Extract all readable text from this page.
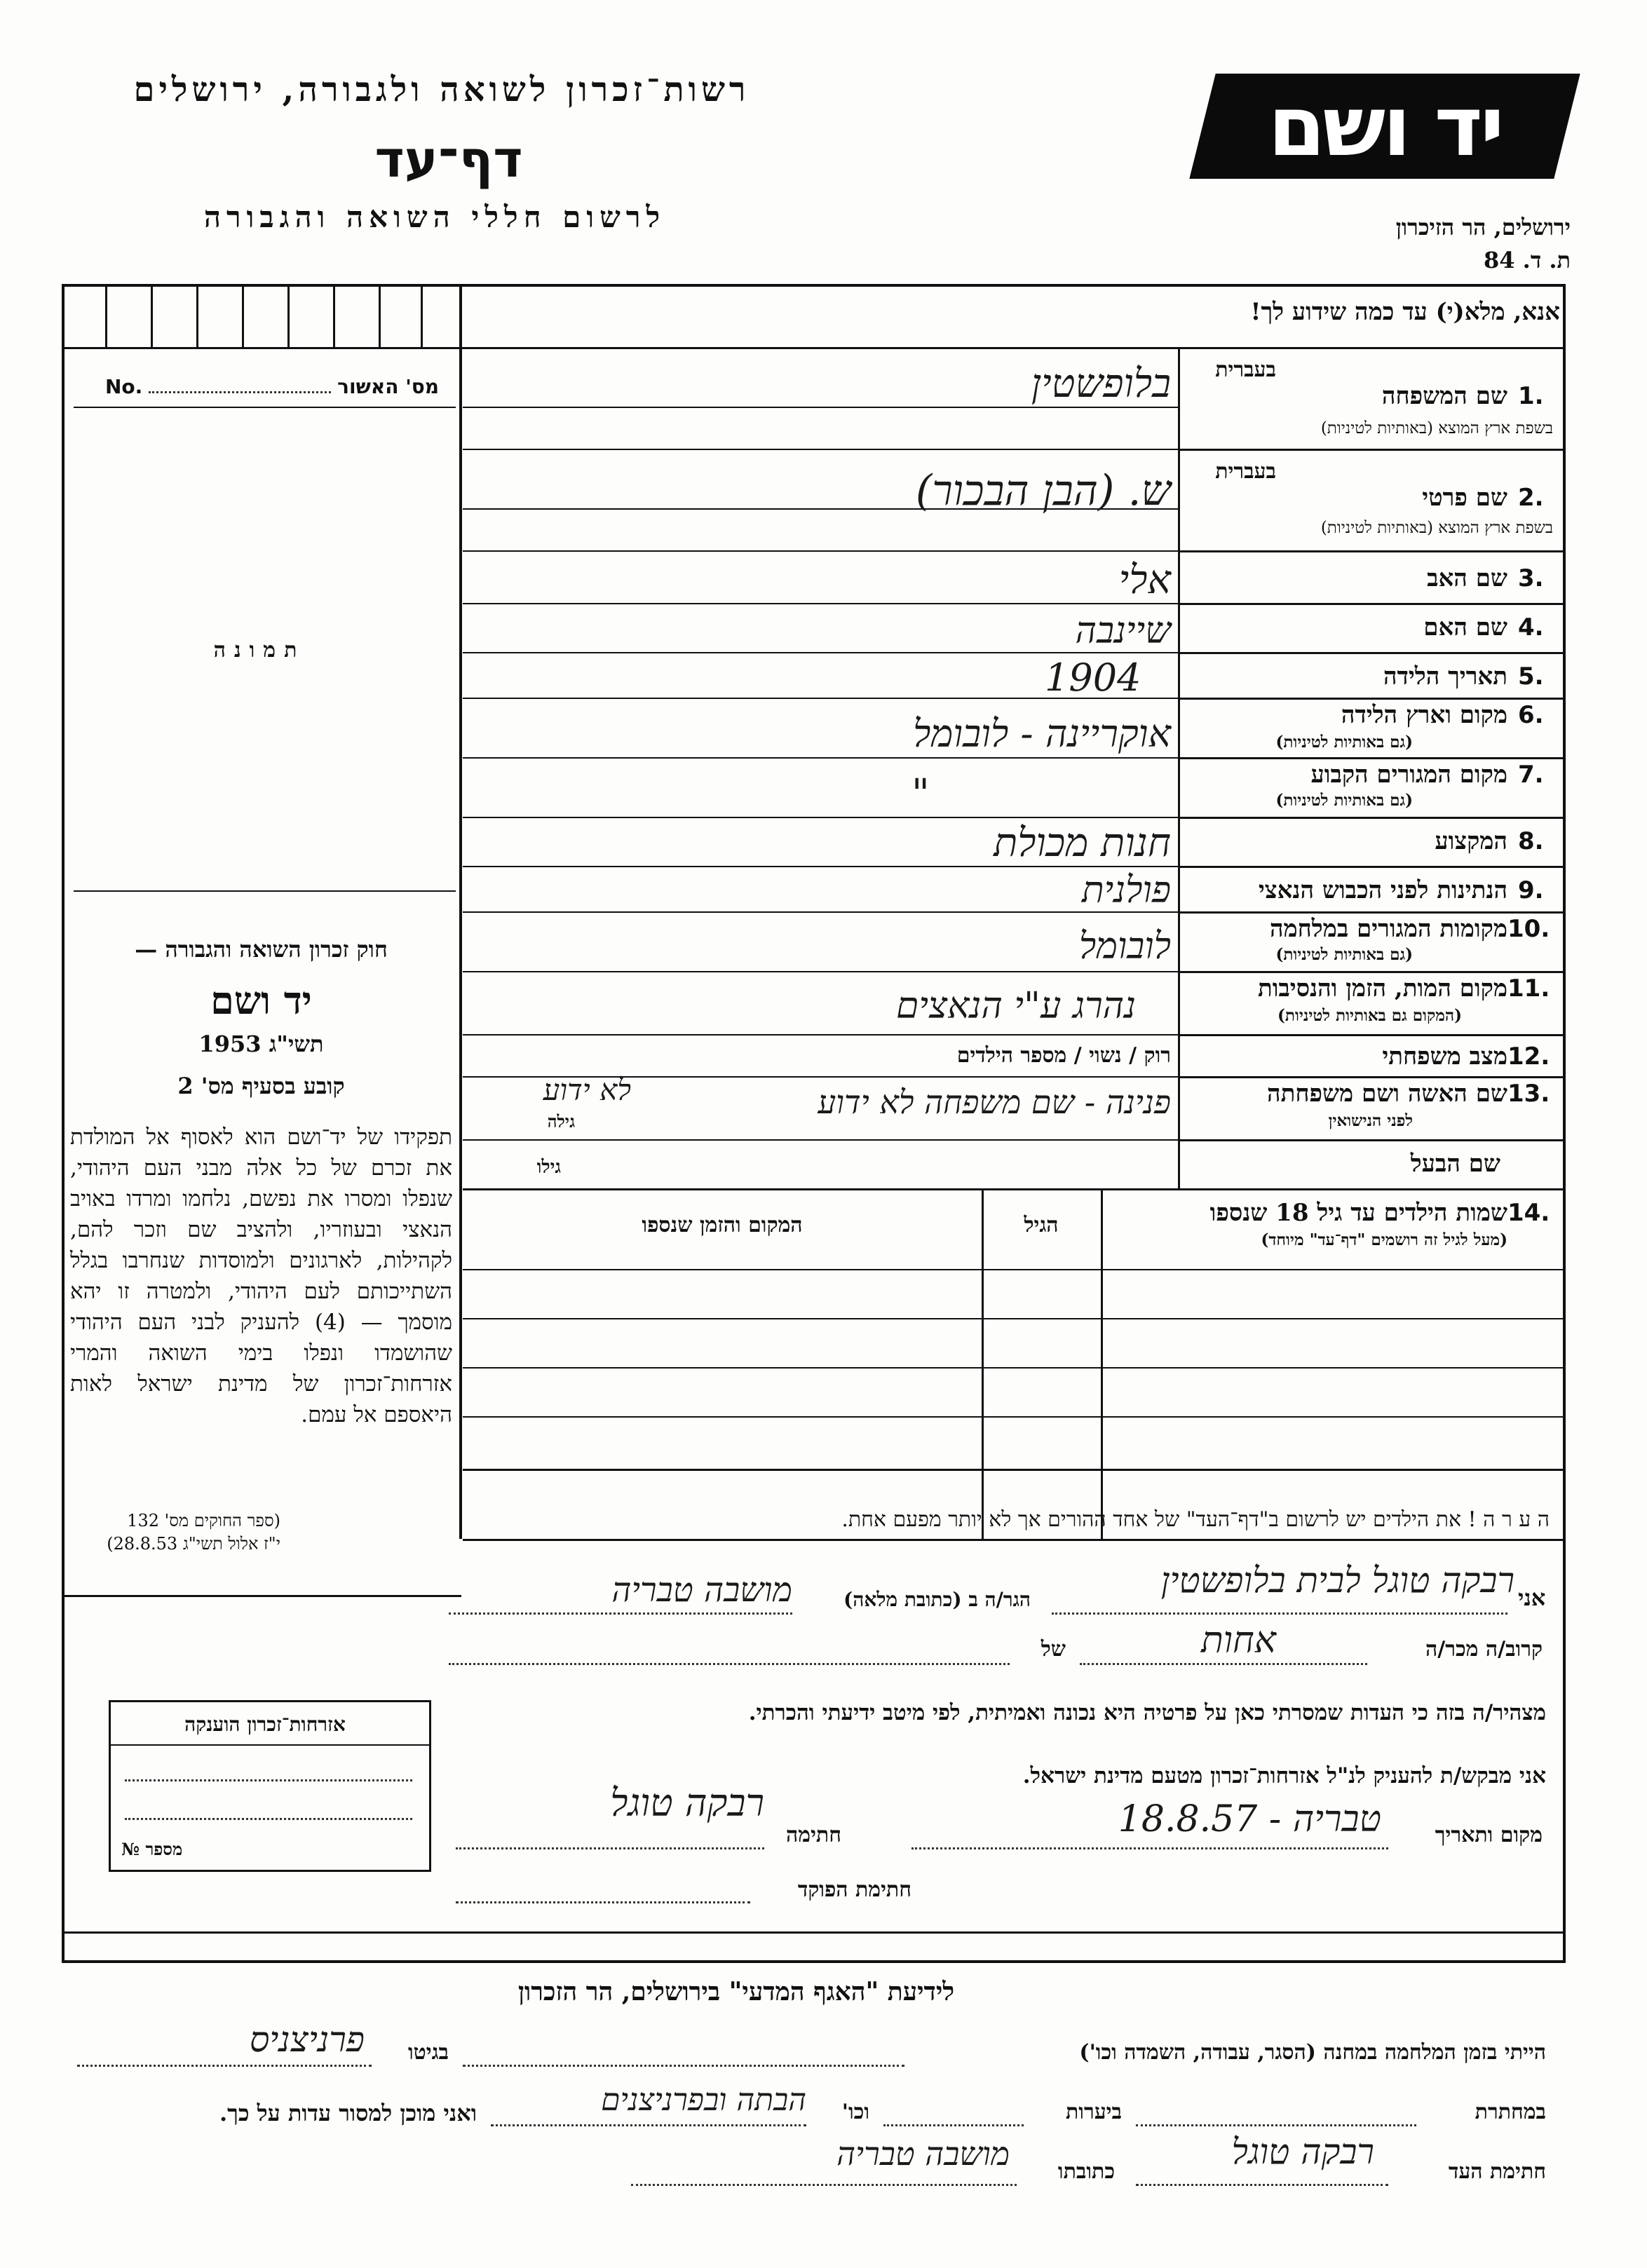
רשות־זכרון לשואה ולגבורה, ירושלים
דף־עד
לרשום חללי השואה והגבורה
יד ושם
ירושלים, הר הזיכרון
ת. ד. 84
אנא, מלא(י) עד כמה שידוע לך!
No.	מס' האשור
תמונה
חוק זכרון השואה והגבורה —
יד ושם
תשי"ג 1953
קובע בסעיף מס' 2
תפקידו של יד־ושם הוא לאסוף אל המולדת את זכרם של כל אלה מבני העם היהודי, שנפלו ומסרו את נפשם, נלחמו ומרדו באויב הנאצי ובעוזריו, ולהציב שם וזכר להם, לקהילות, לארגונים ולמוסדות שנחרבו בגלל השתייכותם לעם היהודי, ולמטרה זו יהא מוסמך — (4) להעניק לבני העם היהודי שהושמדו ונפלו בימי השואה והמרי אזרחות־זכרון של מדינת ישראל לאות היאספם אל עמם.
(ספר החוקים מס' 132
י"ז אלול תשי"ג 28.8.53)
בעברית
שם המשפחה 1.
בשפת ארץ המוצא (באותיות לטיניות)
בלופשטין
בעברית
שם פרטי 2.
בשפת ארץ המוצא (באותיות לטיניות)
ש. (הבן הבכור)
שם האב 3.
אלי
שם האם 4.
שיינבה
תאריך הלידה 5.
1904
מקום וארץ הלידה 6.
(גם באותיות לטיניות)
אוקריינה - לובומל
מקום המגורים הקבוע 7.
(גם באותיות לטיניות)
"
המקצוע 8.
חנות מכולת
הנתינות לפני הכבוש הנאצי 9.
פולנית
מקומות המגורים במלחמה 10.
(גם באותיות לטיניות)
לובומל
מקום המות, הזמן והנסיבות 11.
(המקום גם באותיות לטיניות)
נהרג ע"י הנאצים
מצב משפחתי 12.
רוק / נשוי / מספר הילדים
שם האשה ושם משפחתה 13.
לפני הנישואין
פנינה - שם משפחה לא ידוע
גילה
לא ידוע
שם הבעל
גילו
14.
שמות הילדים עד גיל 18 שנספו
(מעל לגיל זה רושמים "דף־עד" מיוחד)
הגיל
המקום והזמן שנספו
ה ע ר ה ! את הילדים יש לרשום ב"דף־העד" של אחד ההורים אך לא יותר מפעם אחת.
אני
רבקה טוגל לבית בלופשטין
הגר/ה ב (כתובת מלאה)
מושבה טבריה
קרוב/ה מכר/ה
אחות
של
מצהיר/ה בזה כי העדות שמסרתי כאן על פרטיה היא נכונה ואמיתית, לפי מיטב ידיעתי והכרתי.
אני מבקש/ת להעניק לנ"ל אזרחות־זכרון מטעם מדינת ישראל.
מקום ותאריך
טבריה - 18.8.57
חתימה
רבקה טוגל
חתימת הפוקד
אזרחות־זכרון הוענקה
מספר №
לידיעת "האגף המדעי" בירושלים, הר הזכרון
הייתי בזמן המלחמה במחנה (הסגר, עבודה, השמדה וכו')
בגיטו
פרניצניס
במחתרת
ביערות
וכו'
הבתה ובפרניצנים
ואני מוכן למסור עדות על כך.
חתימת העד
רבקה טוגל
כתובתו
מושבה טבריה
